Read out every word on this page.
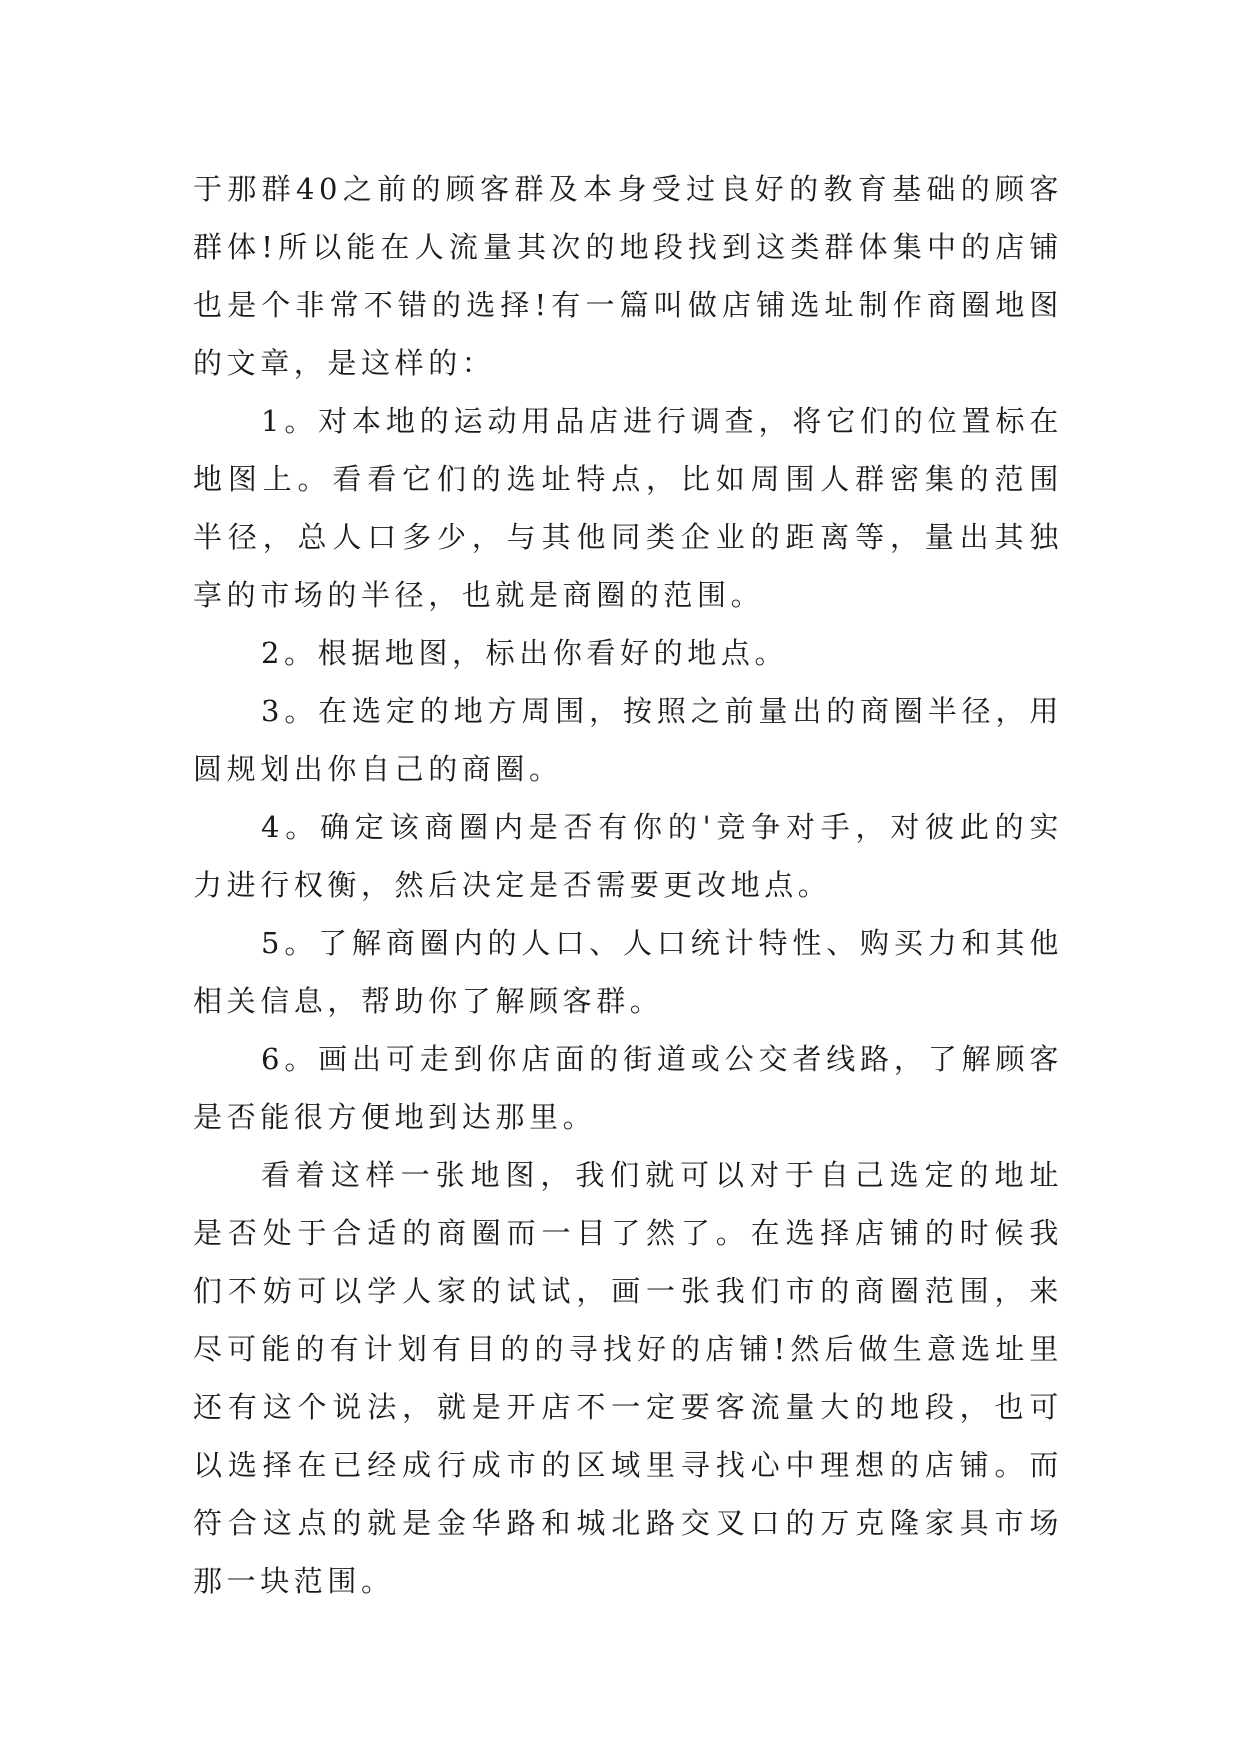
于那群40之前的顾客群及本身受过良好的教育基础的顾客群体!所以能在人流量其次的地段找到这类群体集中的店铺也是个非常不错的选择!有一篇叫做店铺选址制作商圈地图的文章，是这样的：

1。对本地的运动用品店进行调查，将它们的位置标在地图上。看看它们的选址特点，比如周围人群密集的范围半径，总人口多少，与其他同类企业的距离等，量出其独享的市场的半径，也就是商圈的范围。

2。根据地图，标出你看好的地点。

3。在选定的地方周围，按照之前量出的商圈半径，用圆规划出你自己的商圈。

4。确定该商圈内是否有你的'竞争对手，对彼此的实力进行权衡，然后决定是否需要更改地点。

5。了解商圈内的人口、人口统计特性、购买力和其他相关信息，帮助你了解顾客群。

6。画出可走到你店面的街道或公交者线路，了解顾客是否能很方便地到达那里。

看着这样一张地图，我们就可以对于自己选定的地址是否处于合适的商圈而一目了然了。在选择店铺的时候我们不妨可以学人家的试试，画一张我们市的商圈范围，来尽可能的有计划有目的的寻找好的店铺!然后做生意选址里还有这个说法，就是开店不一定要客流量大的地段，也可以选择在已经成行成市的区域里寻找心中理想的店铺。而符合这点的就是金华路和城北路交叉口的万克隆家具市场那一块范围。
